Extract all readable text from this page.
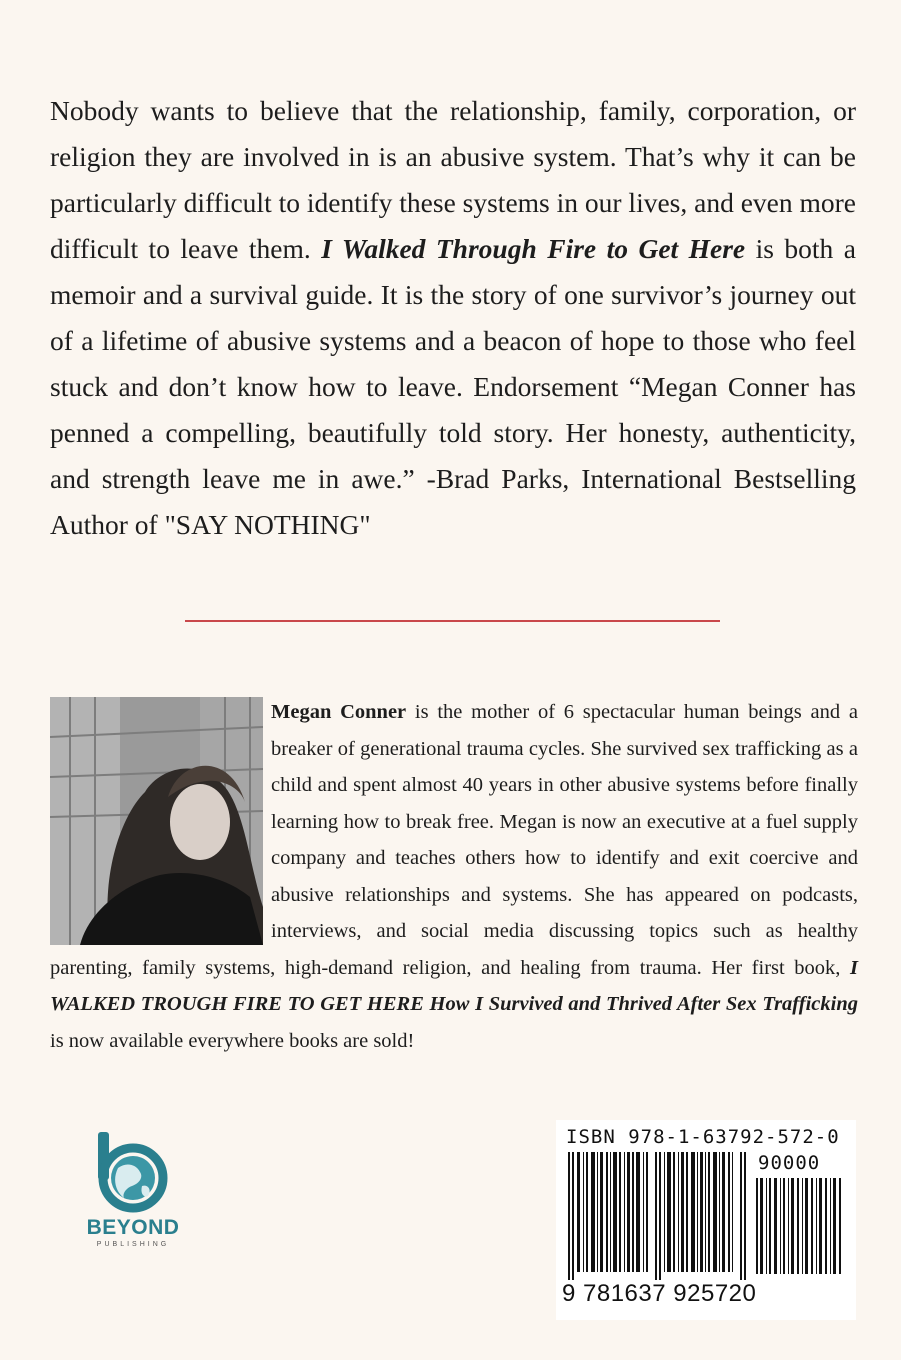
Nobody wants to believe that the relationship, family, corporation, or religion they are involved in is an abusive system. That’s why it can be particularly difficult to identify these systems in our lives, and even more difficult to leave them. I Walked Through Fire to Get Here is both a memoir and a survival guide. It is the story of one survivor’s journey out of a lifetime of abusive systems and a beacon of hope to those who feel stuck and don’t know how to leave. Endorsement “Megan Conner has penned a compelling, beautifully told story. Her honesty, authenticity, and strength leave me in awe.” -Brad Parks, International Bestselling Author of "SAY NOTHING"

Megan Conner is the mother of 6 spectacular human beings and a breaker of generational trauma cycles. She survived sex trafficking as a child and spent almost 40 years in other abusive systems before finally learning how to break free. Megan is now an executive at a fuel supply company and teaches others how to identify and exit coercive and abusive relationships and systems. She has appeared on podcasts, interviews, and social media discussing topics such as healthy parenting, family systems, high-demand religion, and healing from trauma. Her first book, I WALKED TROUGH FIRE TO GET HERE How I Survived and Thrived After Sex Trafficking is now available everywhere books are sold!

BEYOND
PUBLISHING
ISBN 978-1-63792-572-0
90000
9 781637 925720
